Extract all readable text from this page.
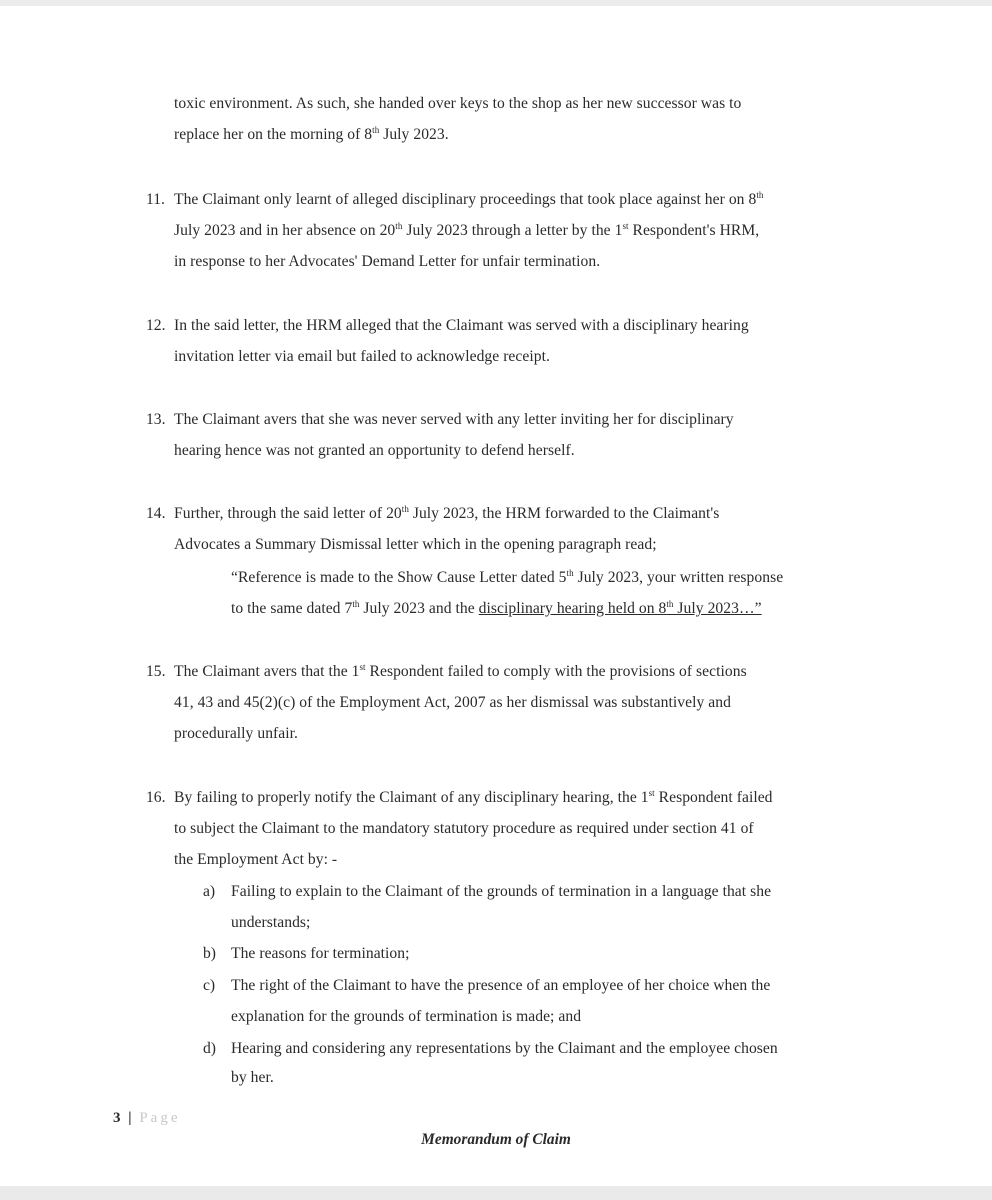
toxic environment. As such, she handed over keys to the shop as her new successor was to
replace her on the morning of 8th July 2023.
11. The Claimant only learnt of alleged disciplinary proceedings that took place against her on 8th
July 2023 and in her absence on 20th July 2023 through a letter by the 1st Respondent's HRM,
in response to her Advocates' Demand Letter for unfair termination.
12. In the said letter, the HRM alleged that the Claimant was served with a disciplinary hearing
invitation letter via email but failed to acknowledge receipt.
13. The Claimant avers that she was never served with any letter inviting her for disciplinary
hearing hence was not granted an opportunity to defend herself.
14. Further, through the said letter of 20th July 2023, the HRM forwarded to the Claimant's
Advocates a Summary Dismissal letter which in the opening paragraph read;
“Reference is made to the Show Cause Letter dated 5th July 2023, your written response
to the same dated 7th July 2023 and the disciplinary hearing held on 8th July 2023…”
15. The Claimant avers that the 1st Respondent failed to comply with the provisions of sections
41, 43 and 45(2)(c) of the Employment Act, 2007 as her dismissal was substantively and
procedurally unfair.
16. By failing to properly notify the Claimant of any disciplinary hearing, the 1st Respondent failed
to subject the Claimant to the mandatory statutory procedure as required under section 41 of
the Employment Act by: -
a) Failing to explain to the Claimant of the grounds of termination in a language that she
understands;
b) The reasons for termination;
c) The right of the Claimant to have the presence of an employee of her choice when the
explanation for the grounds of termination is made; and
d) Hearing and considering any representations by the Claimant and the employee chosen
by her.
3 | Page
Memorandum of Claim
